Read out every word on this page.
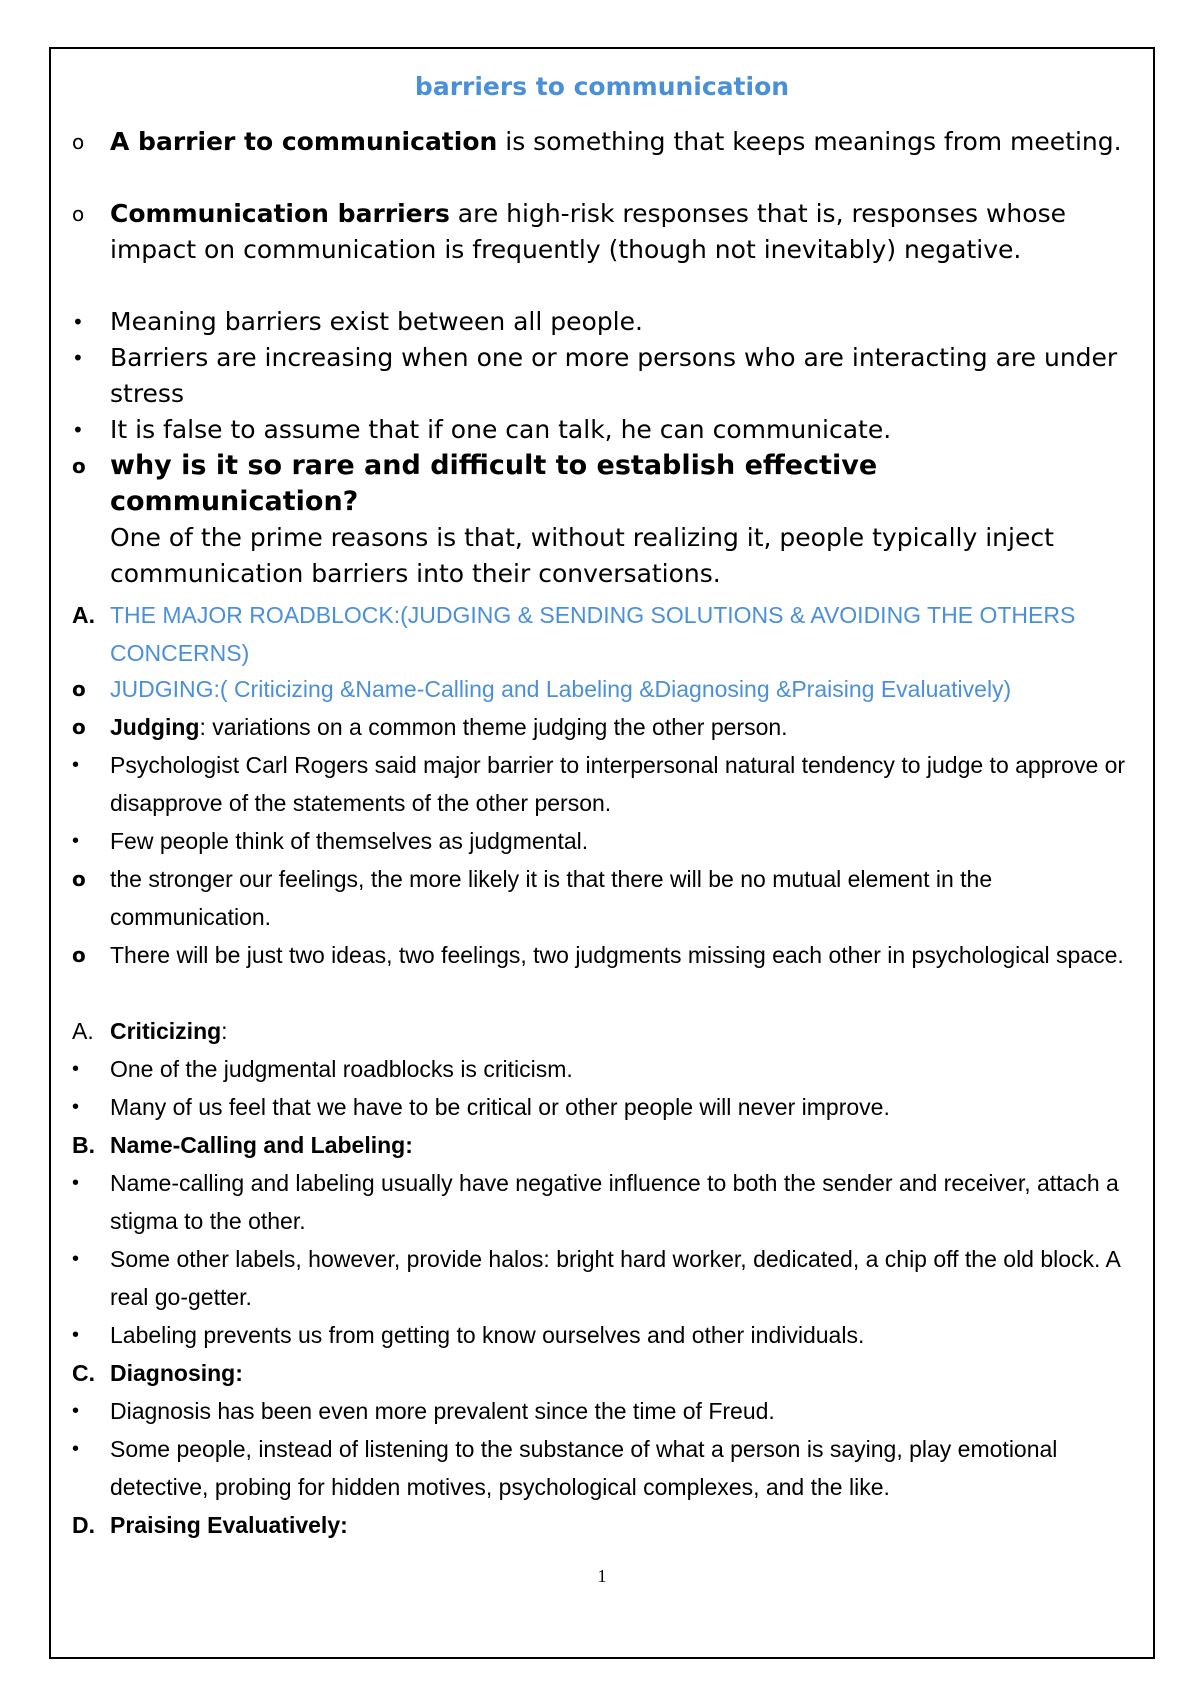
barriers to communication
o	A barrier to communication is something that keeps meanings from meeting.

o	Communication barriers are high-risk responses that is, responses whose impact on communication is frequently (though not inevitably) negative.

•	Meaning barriers exist between all people.

•	Barriers are increasing when one or more persons who are interacting are under stress

•	It is false to assume that if one can talk, he can communicate.

o why is it so rare and difficult to establish effective communication?
One of the prime reasons is that, without realizing it, people typically inject communication barriers into their conversations.

A. THE MAJOR ROADBLOCK:(JUDGING & SENDING SOLUTIONS & AVOIDING THE OTHERS CONCERNS)

o	JUDGING:( Criticizing &Name-Calling and Labeling &Diagnosing &Praising Evaluatively)

o	Judging: variations on a common theme judging the other person.

•	Psychologist Carl Rogers said major barrier to interpersonal natural tendency to judge to approve or disapprove of the statements of the other person.

•	Few people think of themselves as judgmental.

o	the stronger our feelings, the more likely it is that there will be no mutual element in the communication.

o	There will be just two ideas, two feelings, two judgments missing each other in psychological space.

A. Criticizing:

•	One of the judgmental roadblocks is criticism.

•	Many of us feel that we have to be critical or other people will never improve.

B. Name-Calling and Labeling:

•	Name-calling and labeling usually have negative influence to both the sender and receiver, attach a stigma to the other.

•	Some other labels, however, provide halos: bright hard worker, dedicated, a chip off the old block. A real go-getter.

•	Labeling prevents us from getting to know ourselves and other individuals.

C. Diagnosing:

•	Diagnosis has been even more prevalent since the time of Freud.

•	Some people, instead of listening to the substance of what a person is saying, play emotional detective, probing for hidden motives, psychological complexes, and the like.

D. Praising Evaluatively:

1
